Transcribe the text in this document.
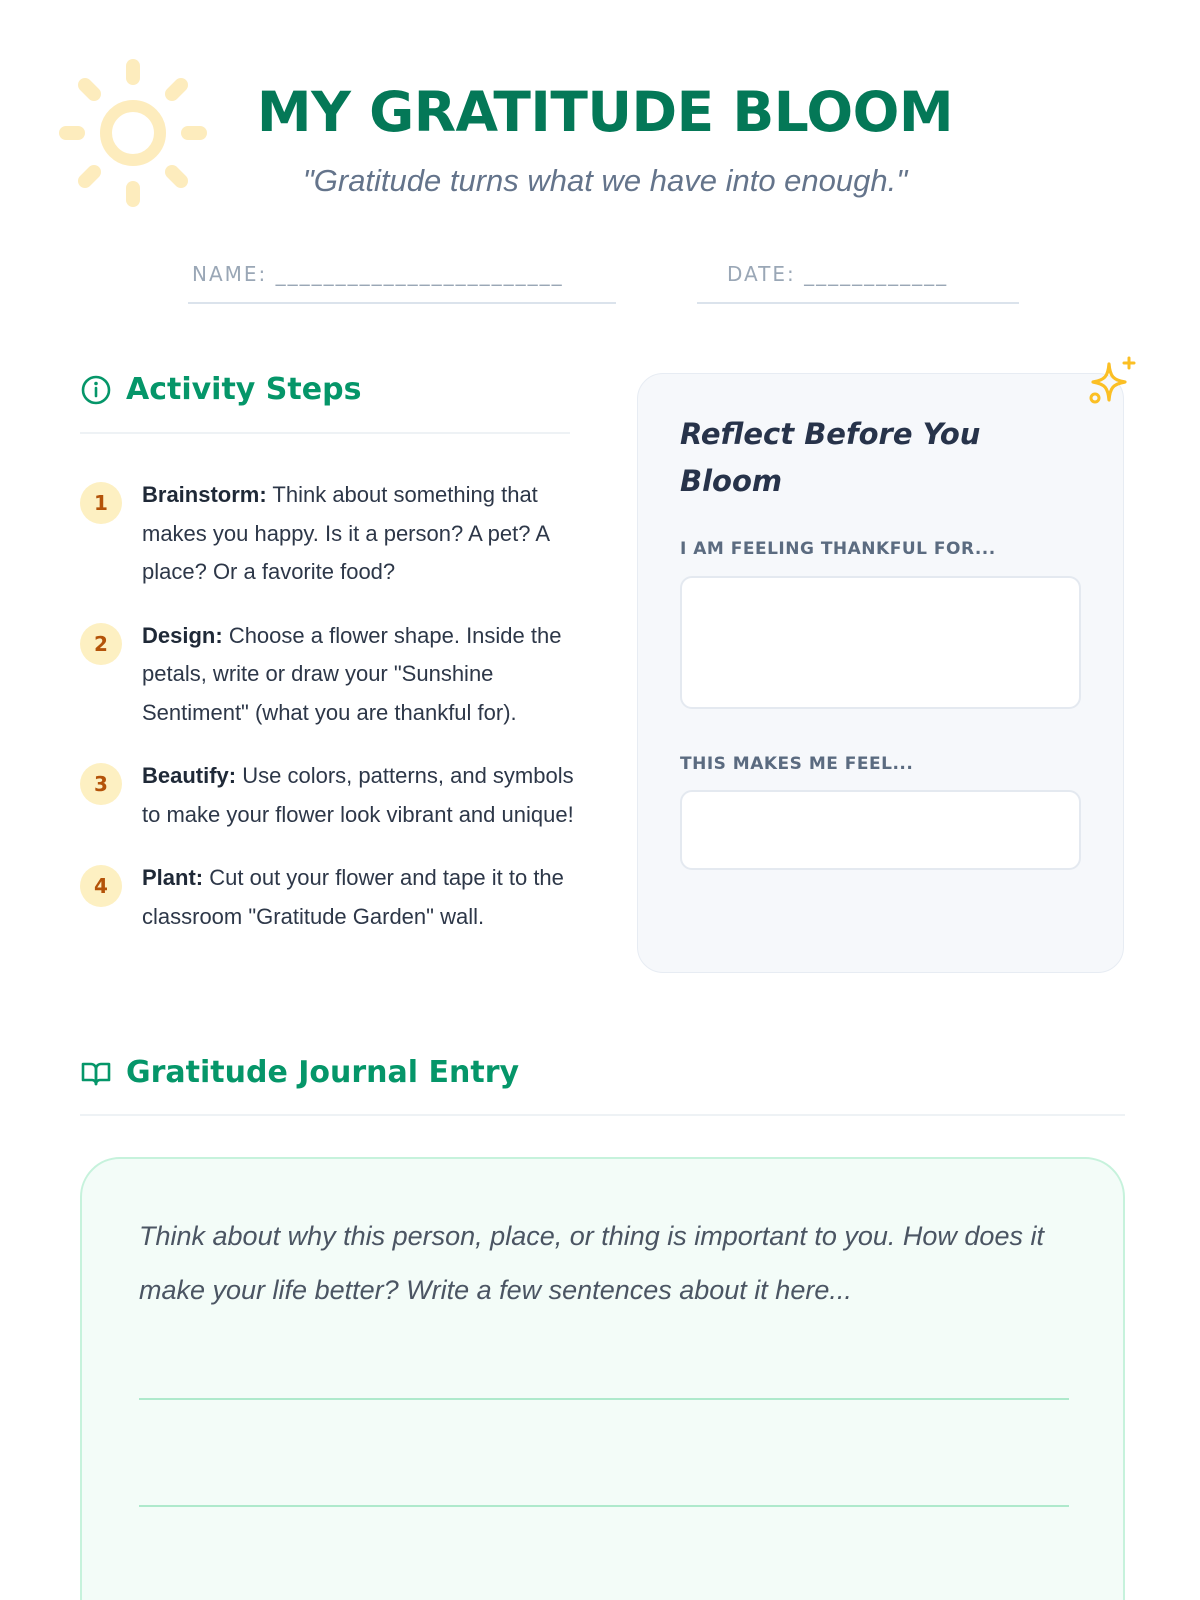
MY GRATITUDE BLOOM
"Gratitude turns what we have into enough."
NAME: ________________________	DATE: ____________
Activity Steps
1	Brainstorm: Think about something that makes you happy. Is it a person? A pet? A place? Or a favorite food?

2	Design: Choose a flower shape. Inside the petals, write or draw your "Sunshine Sentiment" (what you are thankful for).

3	Beautify: Use colors, patterns, and symbols to make your flower look vibrant and unique!

4	Plant: Cut out your flower and tape it to the classroom "Gratitude Garden" wall.

Reflect Before You Bloom
I AM FEELING THANKFUL FOR...
THIS MAKES ME FEEL...
Gratitude Journal Entry

Think about why this person, place, or thing is important to you. How does it make your life better? Write a few sentences about it here...
